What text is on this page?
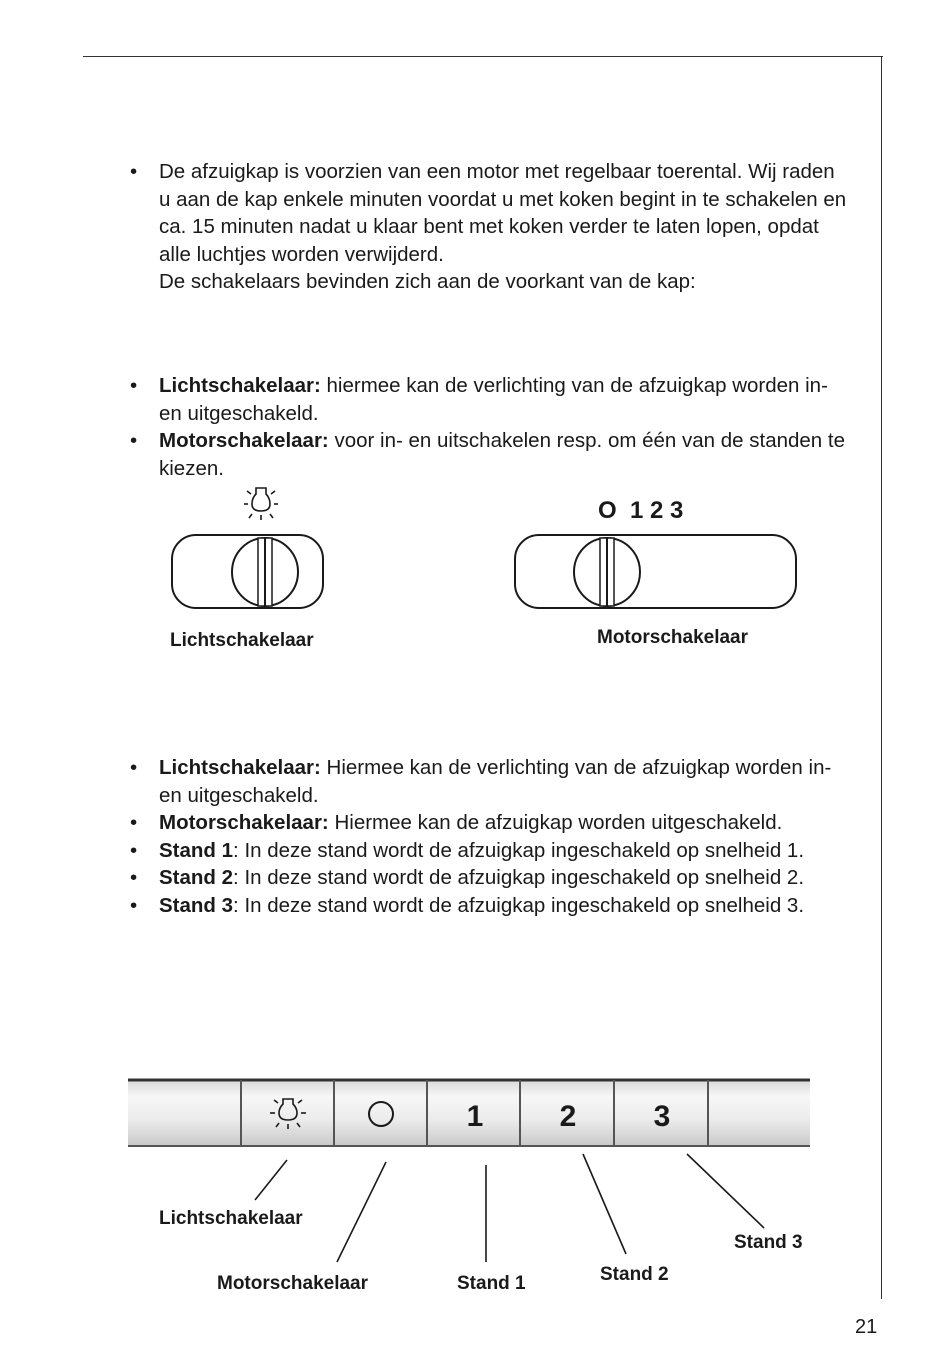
• De afzuigkap is voorzien van een motor met regelbaar toerental. Wij raden u aan de kap enkele minuten voordat u met koken begint in te schakelen en ca. 15 minuten nadat u klaar bent met koken verder te laten lopen, opdat alle luchtjes worden verwijderd.
De schakelaars bevinden zich aan de voorkant van de kap:
• Lichtschakelaar: hiermee kan de verlichting van de afzuigkap worden in- en uitgeschakeld.
• Motorschakelaar: voor in- en uitschakelen resp. om één van de standen te kiezen.
O  1 2 3
Lichtschakelaar	Motorschakelaar
• Lichtschakelaar: Hiermee kan de verlichting van de afzuigkap worden in- en uitgeschakeld.
• Motorschakelaar: Hiermee kan de afzuigkap worden uitgeschakeld.
• Stand 1: In deze stand wordt de afzuigkap ingeschakeld op snelheid 1.
• Stand 2: In deze stand wordt de afzuigkap ingeschakeld op snelheid 2.
• Stand 3: In deze stand wordt de afzuigkap ingeschakeld op snelheid 3.
1	2	3
Lichtschakelaar
Motorschakelaar	Stand 1	Stand 2
Stand 3
21
